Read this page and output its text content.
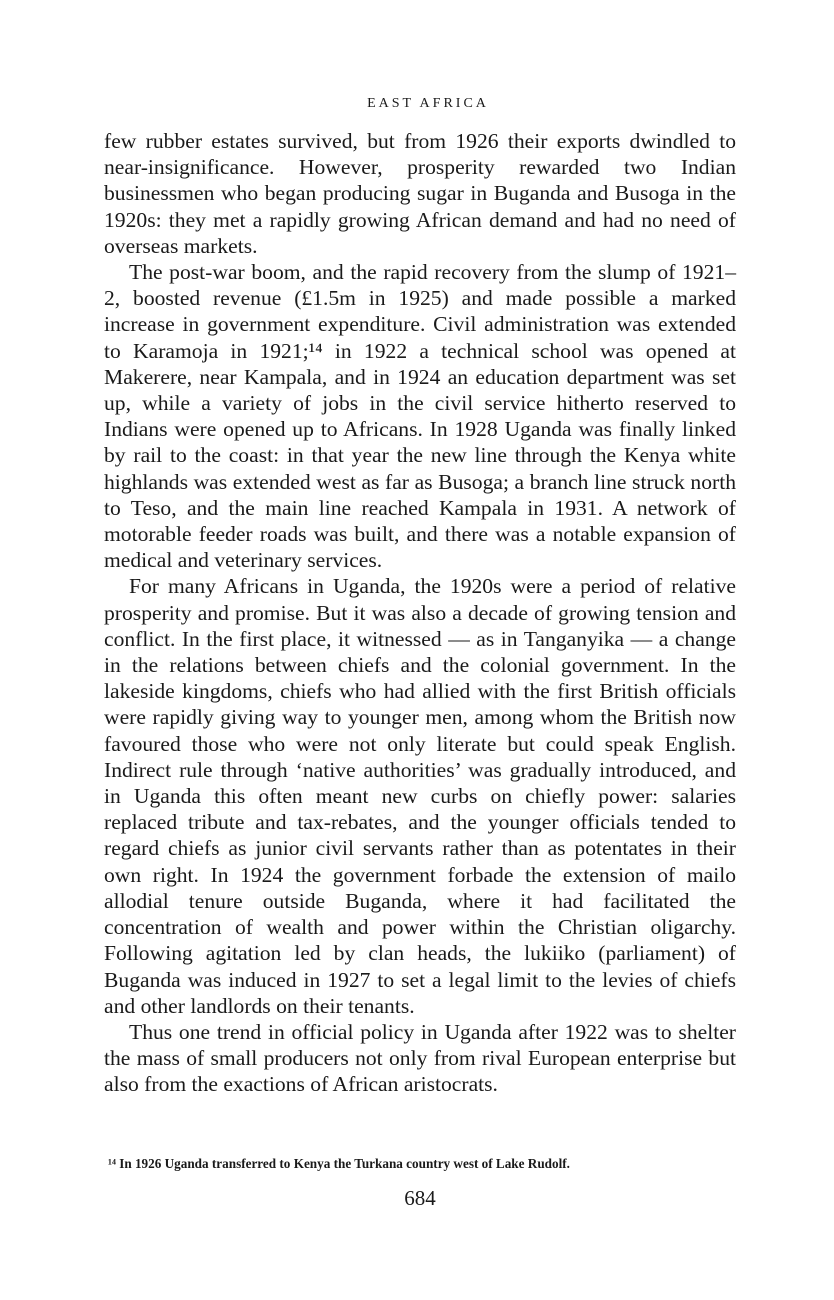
EAST AFRICA

few rubber estates survived, but from 1926 their exports dwindled to near-insignificance. However, prosperity rewarded two Indian businessmen who began producing sugar in Buganda and Busoga in the 1920s: they met a rapidly growing African demand and had no need of overseas markets.

The post-war boom, and the rapid recovery from the slump of 1921–2, boosted revenue (£1.5m in 1925) and made possible a marked increase in government expenditure. Civil administration was extended to Karamoja in 1921;¹⁴ in 1922 a technical school was opened at Makerere, near Kampala, and in 1924 an education department was set up, while a variety of jobs in the civil service hitherto reserved to Indians were opened up to Africans. In 1928 Uganda was finally linked by rail to the coast: in that year the new line through the Kenya white highlands was extended west as far as Busoga; a branch line struck north to Teso, and the main line reached Kampala in 1931. A network of motorable feeder roads was built, and there was a notable expansion of medical and veterinary services.

For many Africans in Uganda, the 1920s were a period of relative prosperity and promise. But it was also a decade of growing tension and conflict. In the first place, it witnessed — as in Tanganyika — a change in the relations between chiefs and the colonial government. In the lakeside kingdoms, chiefs who had allied with the first British officials were rapidly giving way to younger men, among whom the British now favoured those who were not only literate but could speak English. Indirect rule through ‘native authorities’ was gradually introduced, and in Uganda this often meant new curbs on chiefly power: salaries replaced tribute and tax-rebates, and the younger officials tended to regard chiefs as junior civil servants rather than as potentates in their own right. In 1924 the government forbade the extension of mailo allodial tenure outside Buganda, where it had facilitated the concentration of wealth and power within the Christian oligarchy. Following agitation led by clan heads, the lukiiko (parliament) of Buganda was induced in 1927 to set a legal limit to the levies of chiefs and other landlords on their tenants.

Thus one trend in official policy in Uganda after 1922 was to shelter the mass of small producers not only from rival European enterprise but also from the exactions of African aristocrats.

¹⁴ In 1926 Uganda transferred to Kenya the Turkana country west of Lake Rudolf.
684
